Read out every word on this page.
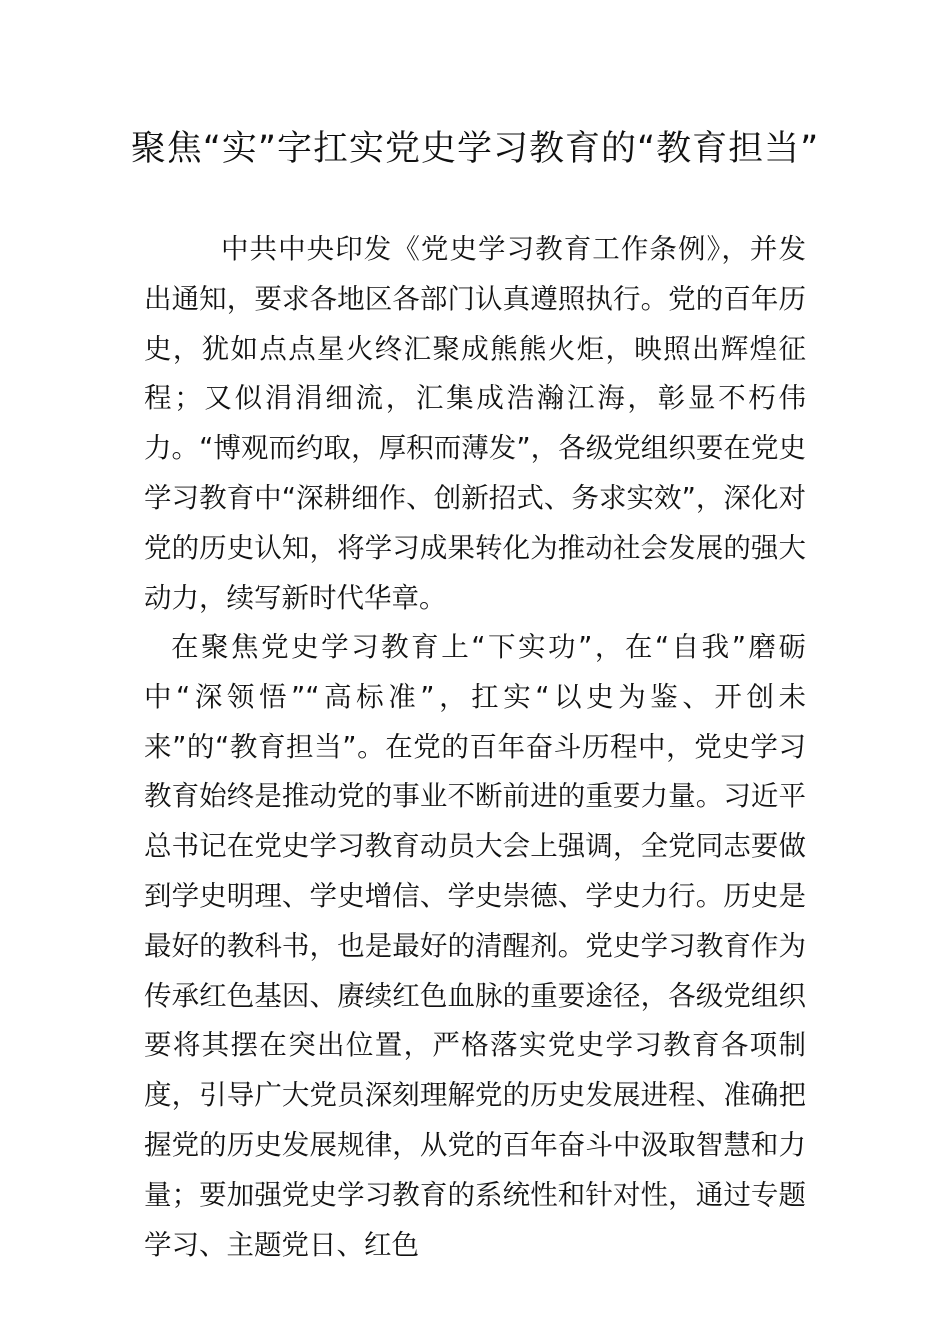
聚焦“实”字扛实党史学习教育的“教育担当”

中共中央印发《党史学习教育工作条例》，并发出通知，要求各地区各部门认真遵照执行。党的百年历史，犹如点点星火终汇聚成熊熊火炬，映照出辉煌征程；又似涓涓细流，汇集成浩瀚江海，彰显不朽伟力。“博观而约取，厚积而薄发”，各级党组织要在党史学习教育中“深耕细作、创新招式、务求实效”，深化对党的历史认知，将学习成果转化为推动社会发展的强大动力，续写新时代华章。

在聚焦党史学习教育上“下实功”，在“自我”磨砺中“深领悟”“高标准”，扛实“以史为鉴、开创未来”的“教育担当”。在党的百年奋斗历程中，党史学习教育始终是推动党的事业不断前进的重要力量。习近平总书记在党史学习教育动员大会上强调，全党同志要做到学史明理、学史增信、学史崇德、学史力行。历史是最好的教科书，也是最好的清醒剂。党史学习教育作为传承红色基因、赓续红色血脉的重要途径，各级党组织要将其摆在突出位置，严格落实党史学习教育各项制度，引导广大党员深刻理解党的历史发展进程、准确把握党的历史发展规律，从党的百年奋斗中汲取智慧和力量；要加强党史学习教育的系统性和针对性，通过专题学习、主题党日、红色
